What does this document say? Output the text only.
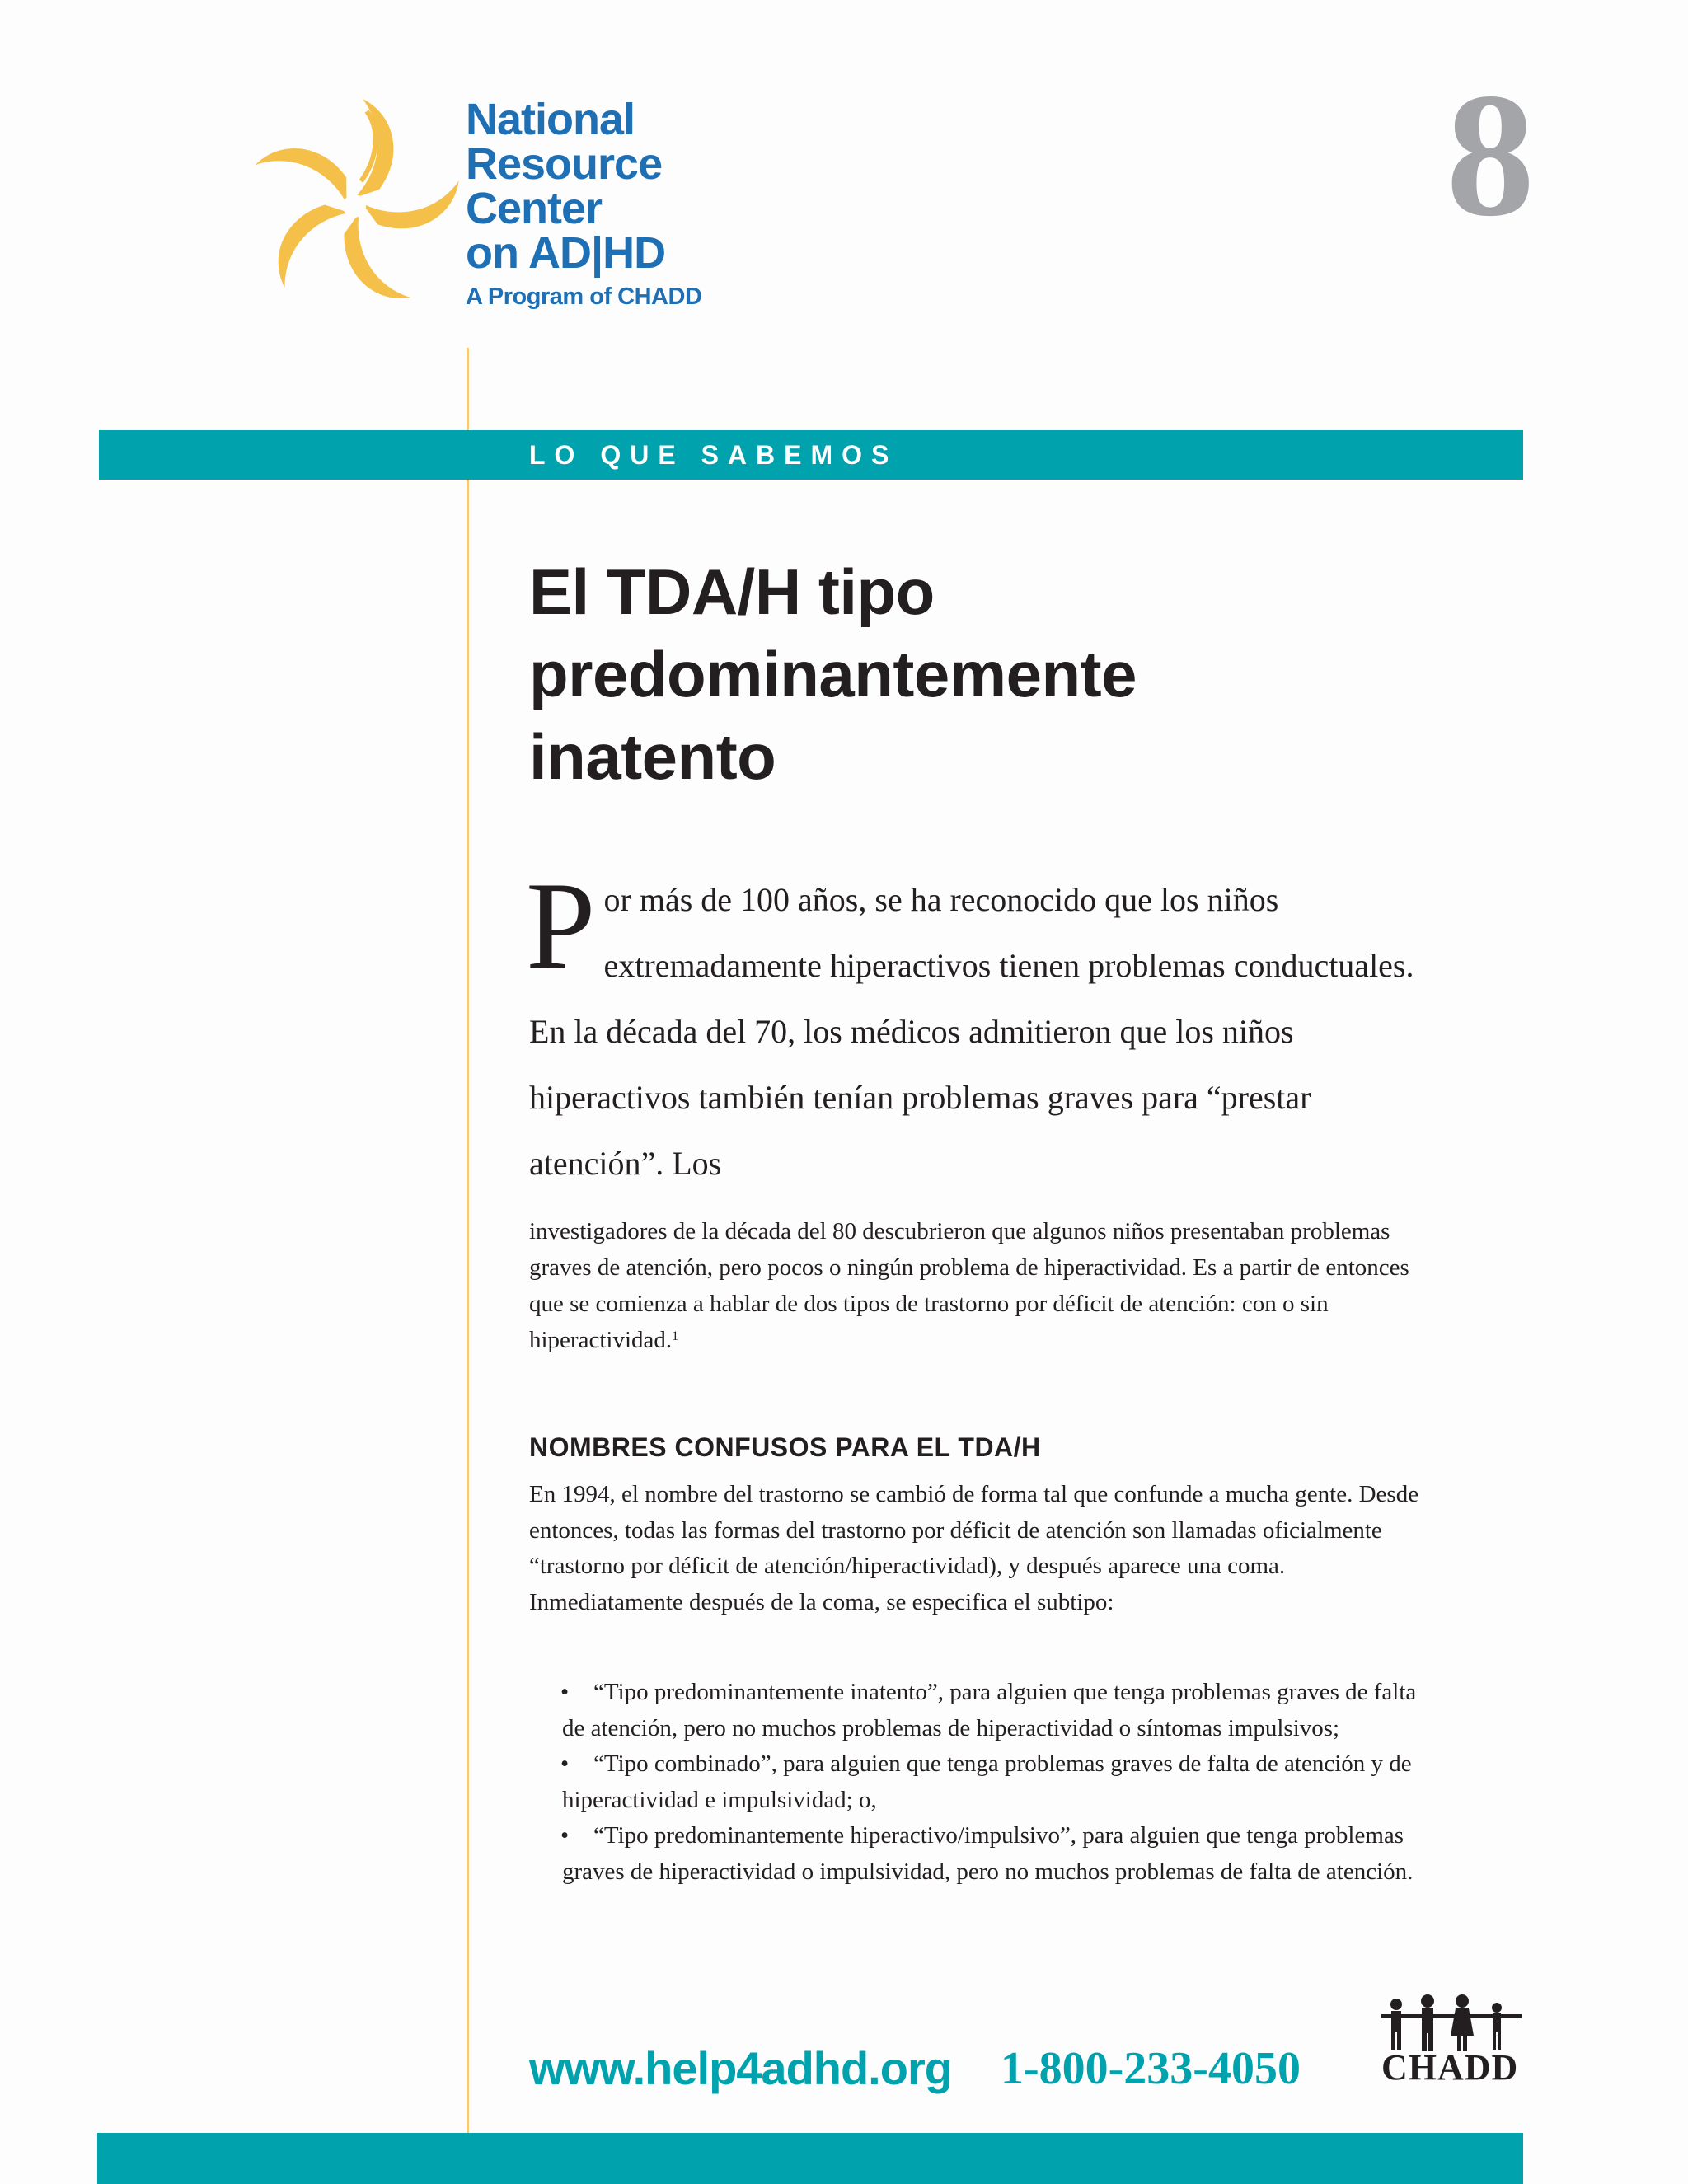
National
Resource
Center
on AD|HD
A Program of CHADD
8
LO QUE SABEMOS
El TDA/H tipo
predominantemente
inatento
Por más de 100 años, se ha reconocido que los niños extremadamente hiperactivos tienen problemas conductuales. En la década del 70, los médicos admitieron que los niños hiperactivos también tenían problemas graves para “prestar atención”. Los
investigadores de la década del 80 descubrieron que algunos niños presentaban problemas graves de atención, pero pocos o ningún problema de hiperactividad. Es a partir de entonces que se comienza a hablar de dos tipos de trastorno por déficit de atención: con o sin hiperactividad.$^1$
NOMBRES CONFUSOS PARA EL TDA/H
En 1994, el nombre del trastorno se cambió de forma tal que confunde a mucha gente. Desde entonces, todas las formas del trastorno por déficit de atención son llamadas oficialmente “trastorno por déficit de atención/hiperactividad), y después aparece una coma. Inmediatamente después de la coma, se especifica el subtipo:
•	“Tipo predominantemente inatento”, para alguien que tenga problemas graves de falta de atención, pero no muchos problemas de hiperactividad o síntomas impulsivos;
•	“Tipo combinado”, para alguien que tenga problemas graves de falta de atención y de hiperactividad e impulsividad; o,
•	“Tipo predominantemente hiperactivo/impulsivo”, para alguien que tenga problemas graves de hiperactividad o impulsividad, pero no muchos problemas de falta de atención.
www.help4adhd.org 1-800-233-4050 CHADD
